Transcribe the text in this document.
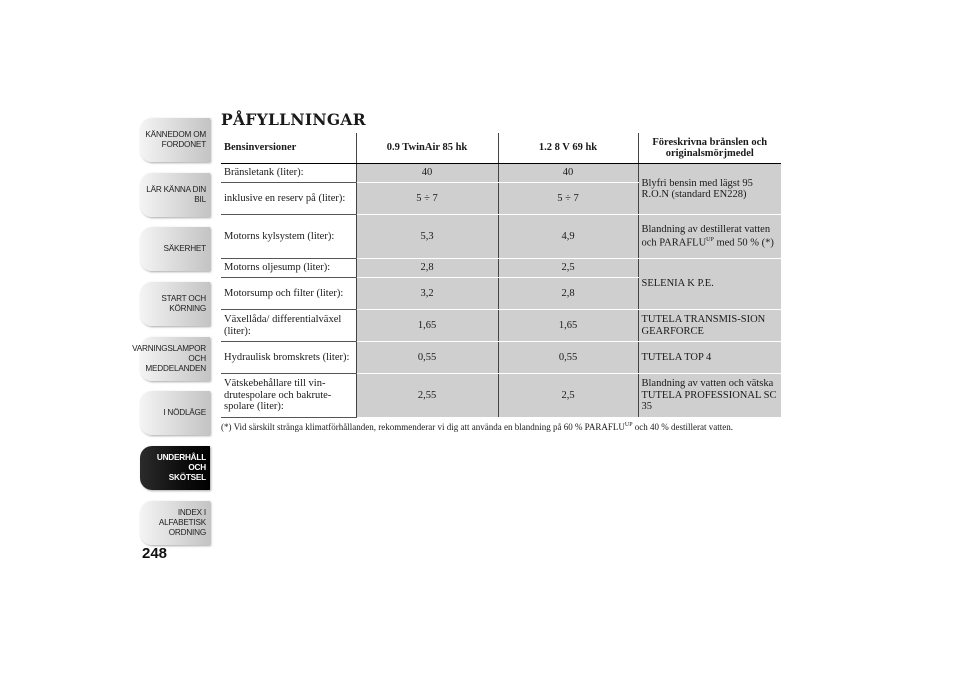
KÄNNEDOM OM
FORDONET
LÄR KÄNNA DIN
BIL
SÄKERHET
START OCH
KÖRNING
VARNINGSLAMPOR
OCH
MEDDELANDEN
I NÖDLÄGE
UNDERHÅLL OCH
SKÖTSEL
INDEX I
ALFABETISK
ORDNING
248
PÅFYLLNINGAR
Bensinversioner	0.9 TwinAir 85 hk	1.2 8 V 69 hk	Föreskrivna bränslen och originalsmörjmedel
Bränsletank (liter):	40	40	Blyfri bensin med lägst 95 R.O.N (standard EN228)
inklusive en reserv på (liter):	5 ÷ 7	5 ÷ 7	
Motorns kylsystem (liter):	5,3	4,9	Blandning av destillerat vatten och $PARAFLU^{UP}$ med 50 % (*)
Motorns oljesump (liter):	2,8	2,5	SELENIA K P.E.
Motorsump och filter (liter):	3,2	2,8	
Växellåda/ differentialväxel (liter):	1,65	1,65	TUTELA TRANSMIS-SION GEARFORCE
Hydraulisk bromskrets (liter):	0,55	0,55	TUTELA TOP 4
Vätskebehållare till vin-drutespolare och bakrute-spolare (liter):	2,55	2,5	Blandning av vatten och vätska TUTELA PROFESSIONAL SC 35
(*) Vid särskilt stränga klimatförhållanden, rekommenderar vi dig att använda en blandning på 60 % $PARAFLU^{UP}$ och 40 % destillerat vatten.
